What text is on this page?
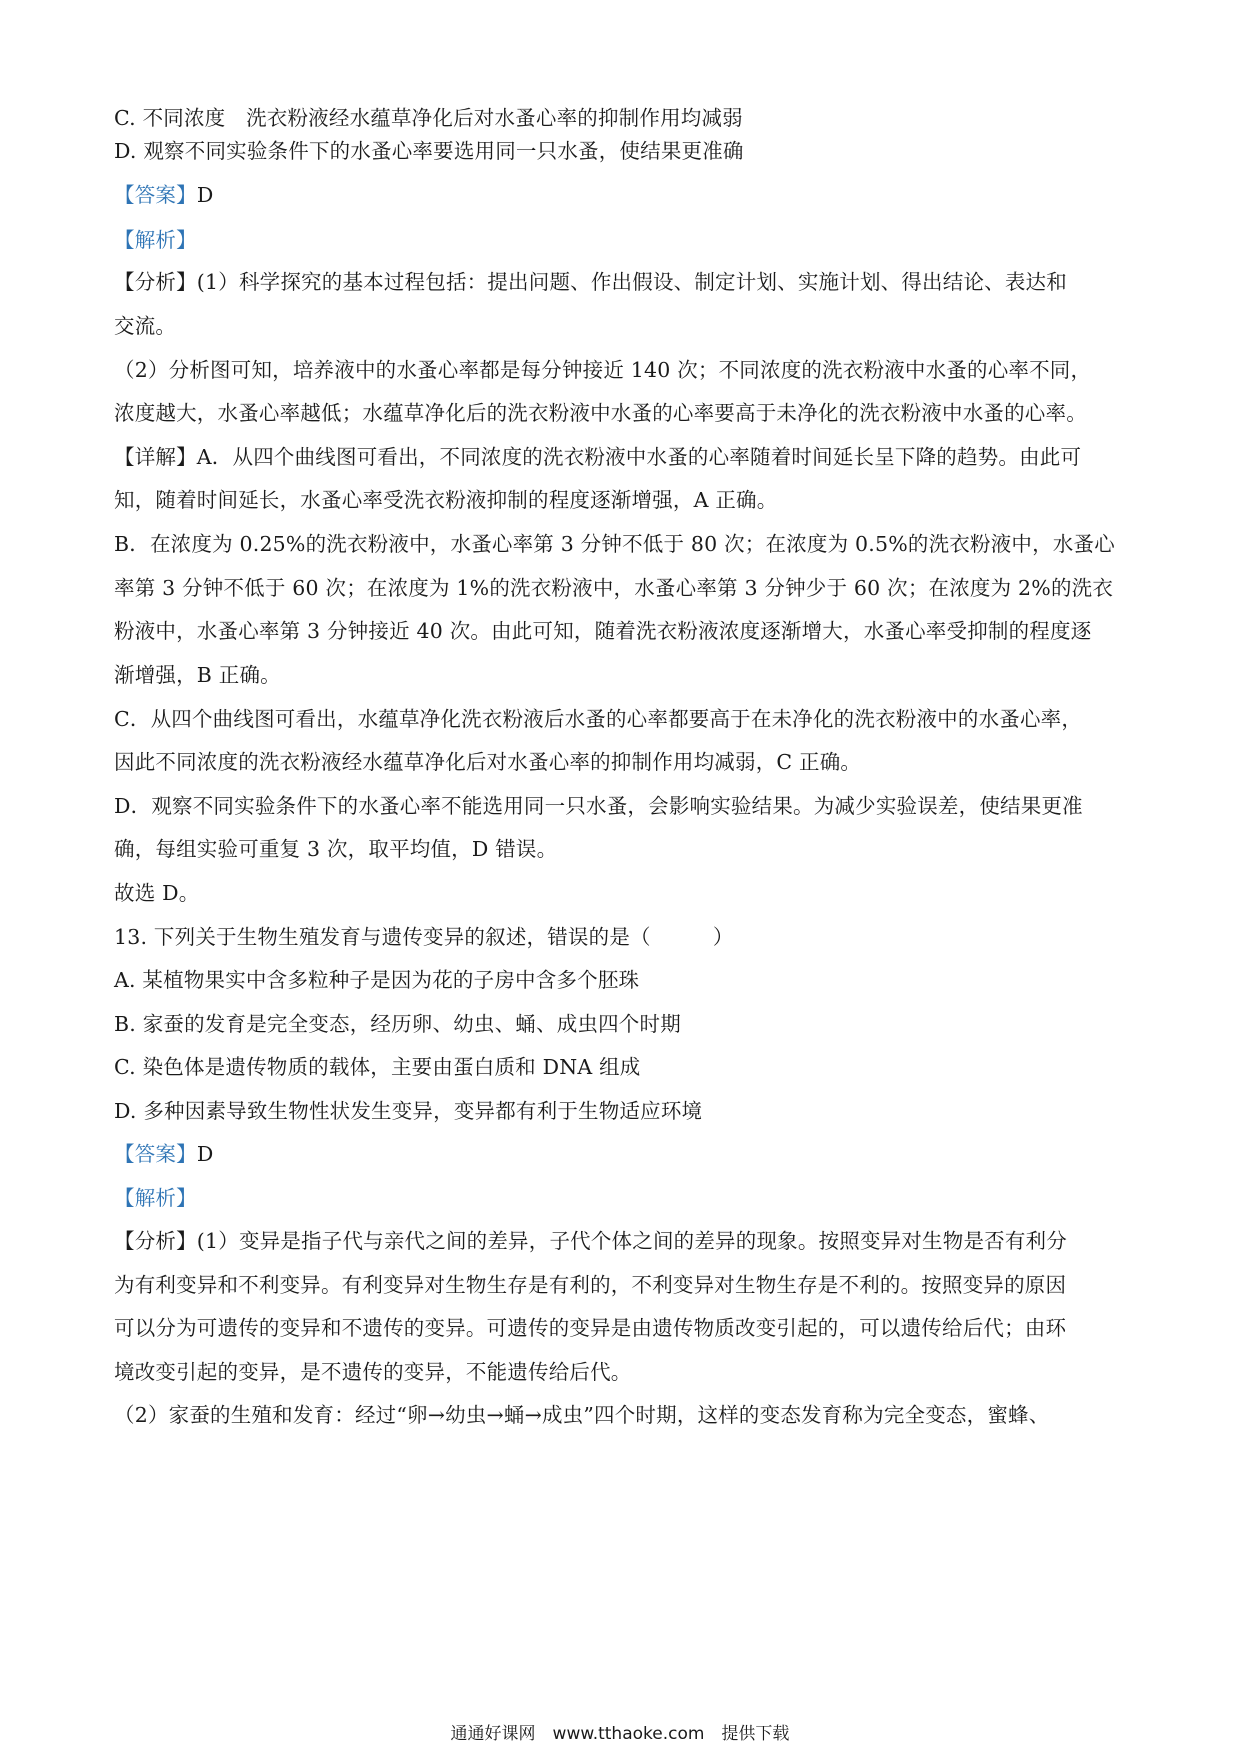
C. 不同浓度　洗衣粉液经水蕴草净化后对水蚤心率的抑制作用均减弱
D. 观察不同实验条件下的水蚤心率要选用同一只水蚤，使结果更准确
【答案】D
【解析】
【分析】(1）科学探究的基本过程包括：提出问题、作出假设、制定计划、实施计划、得出结论、表达和
交流。
（2）分析图可知，培养液中的水蚤心率都是每分钟接近 140 次；不同浓度的洗衣粉液中水蚤的心率不同，
浓度越大，水蚤心率越低；水蕴草净化后的洗衣粉液中水蚤的心率要高于未净化的洗衣粉液中水蚤的心率。
【详解】A．从四个曲线图可看出，不同浓度的洗衣粉液中水蚤的心率随着时间延长呈下降的趋势。由此可
知，随着时间延长，水蚤心率受洗衣粉液抑制的程度逐渐增强，A 正确。
B．在浓度为 0.25%的洗衣粉液中，水蚤心率第 3 分钟不低于 80 次；在浓度为 0.5%的洗衣粉液中，水蚤心
率第 3 分钟不低于 60 次；在浓度为 1%的洗衣粉液中，水蚤心率第 3 分钟少于 60 次；在浓度为 2%的洗衣
粉液中，水蚤心率第 3 分钟接近 40 次。由此可知，随着洗衣粉液浓度逐渐增大，水蚤心率受抑制的程度逐
渐增强，B 正确。
C．从四个曲线图可看出，水蕴草净化洗衣粉液后水蚤的心率都要高于在未净化的洗衣粉液中的水蚤心率，
因此不同浓度的洗衣粉液经水蕴草净化后对水蚤心率的抑制作用均减弱，C 正确。
D．观察不同实验条件下的水蚤心率不能选用同一只水蚤，会影响实验结果。为减少实验误差，使结果更准
确，每组实验可重复 3 次，取平均值，D 错误。
故选 D。
13. 下列关于生物生殖发育与遗传变异的叙述，错误的是（　　　）
A. 某植物果实中含多粒种子是因为花的子房中含多个胚珠
B. 家蚕的发育是完全变态，经历卵、幼虫、蛹、成虫四个时期
C. 染色体是遗传物质的载体，主要由蛋白质和 DNA 组成
D. 多种因素导致生物性状发生变异，变异都有利于生物适应环境
【答案】D
【解析】
【分析】(1）变异是指子代与亲代之间的差异，子代个体之间的差异的现象。按照变异对生物是否有利分
为有利变异和不利变异。有利变异对生物生存是有利的，不利变异对生物生存是不利的。按照变异的原因
可以分为可遗传的变异和不遗传的变异。可遗传的变异是由遗传物质改变引起的，可以遗传给后代；由环
境改变引起的变异，是不遗传的变异，不能遗传给后代。
（2）家蚕的生殖和发育：经过“卵→幼虫→蛹→成虫”四个时期，这样的变态发育称为完全变态，蜜蜂、
通通好课网　www.tthaoke.com　提供下载
